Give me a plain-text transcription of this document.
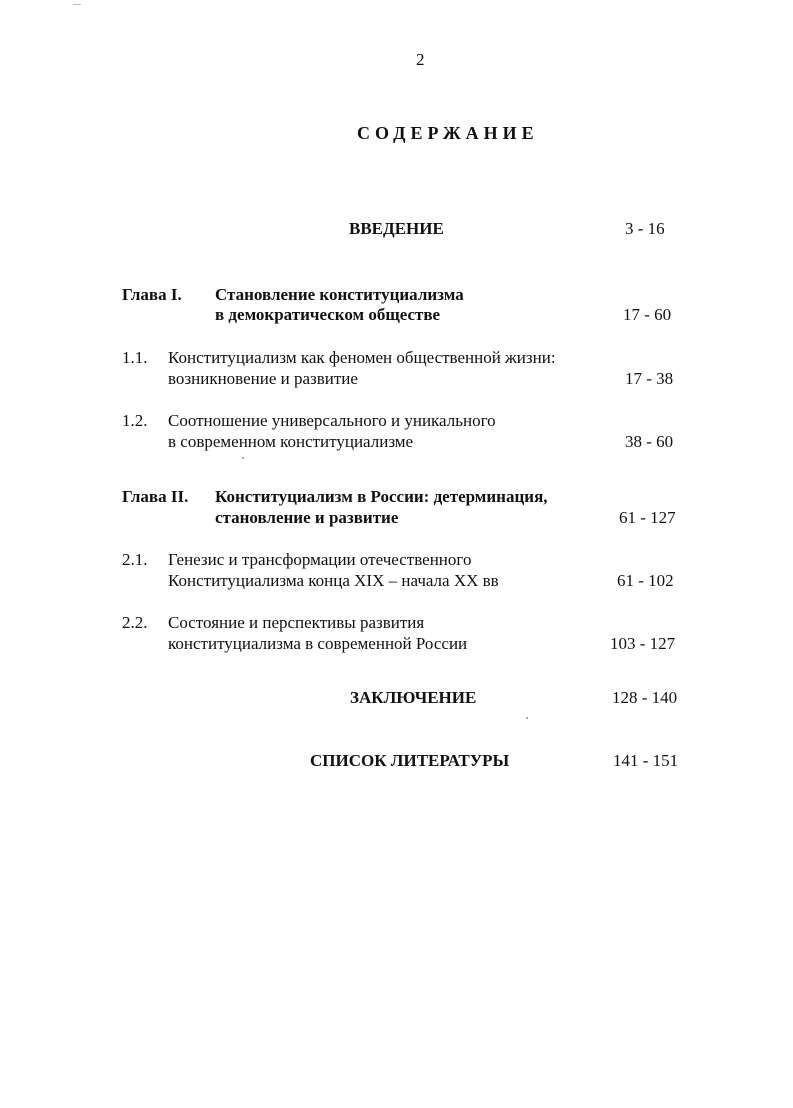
2
СОДЕРЖАНИЕ
ВВЕДЕНИЕ	3 - 16
Глава I. Становление конституциализма
в демократическом обществе	17 - 60
1.1. Конституциализм как феномен общественной жизни:
возникновение и развитие	17 - 38
1.2. Соотношение универсального и уникального
в современном конституциализме	38 - 60
Глава II. Конституциализм в России: детерминация,
становление и развитие	61 - 127
2.1. Генезис и трансформации отечественного
Конституциализма конца XIX – начала XX вв	61 - 102
2.2. Состояние и перспективы развития
конституциализма в современной России	103 - 127
ЗАКЛЮЧЕНИЕ	128 - 140
СПИСОК ЛИТЕРАТУРЫ	141 - 151
